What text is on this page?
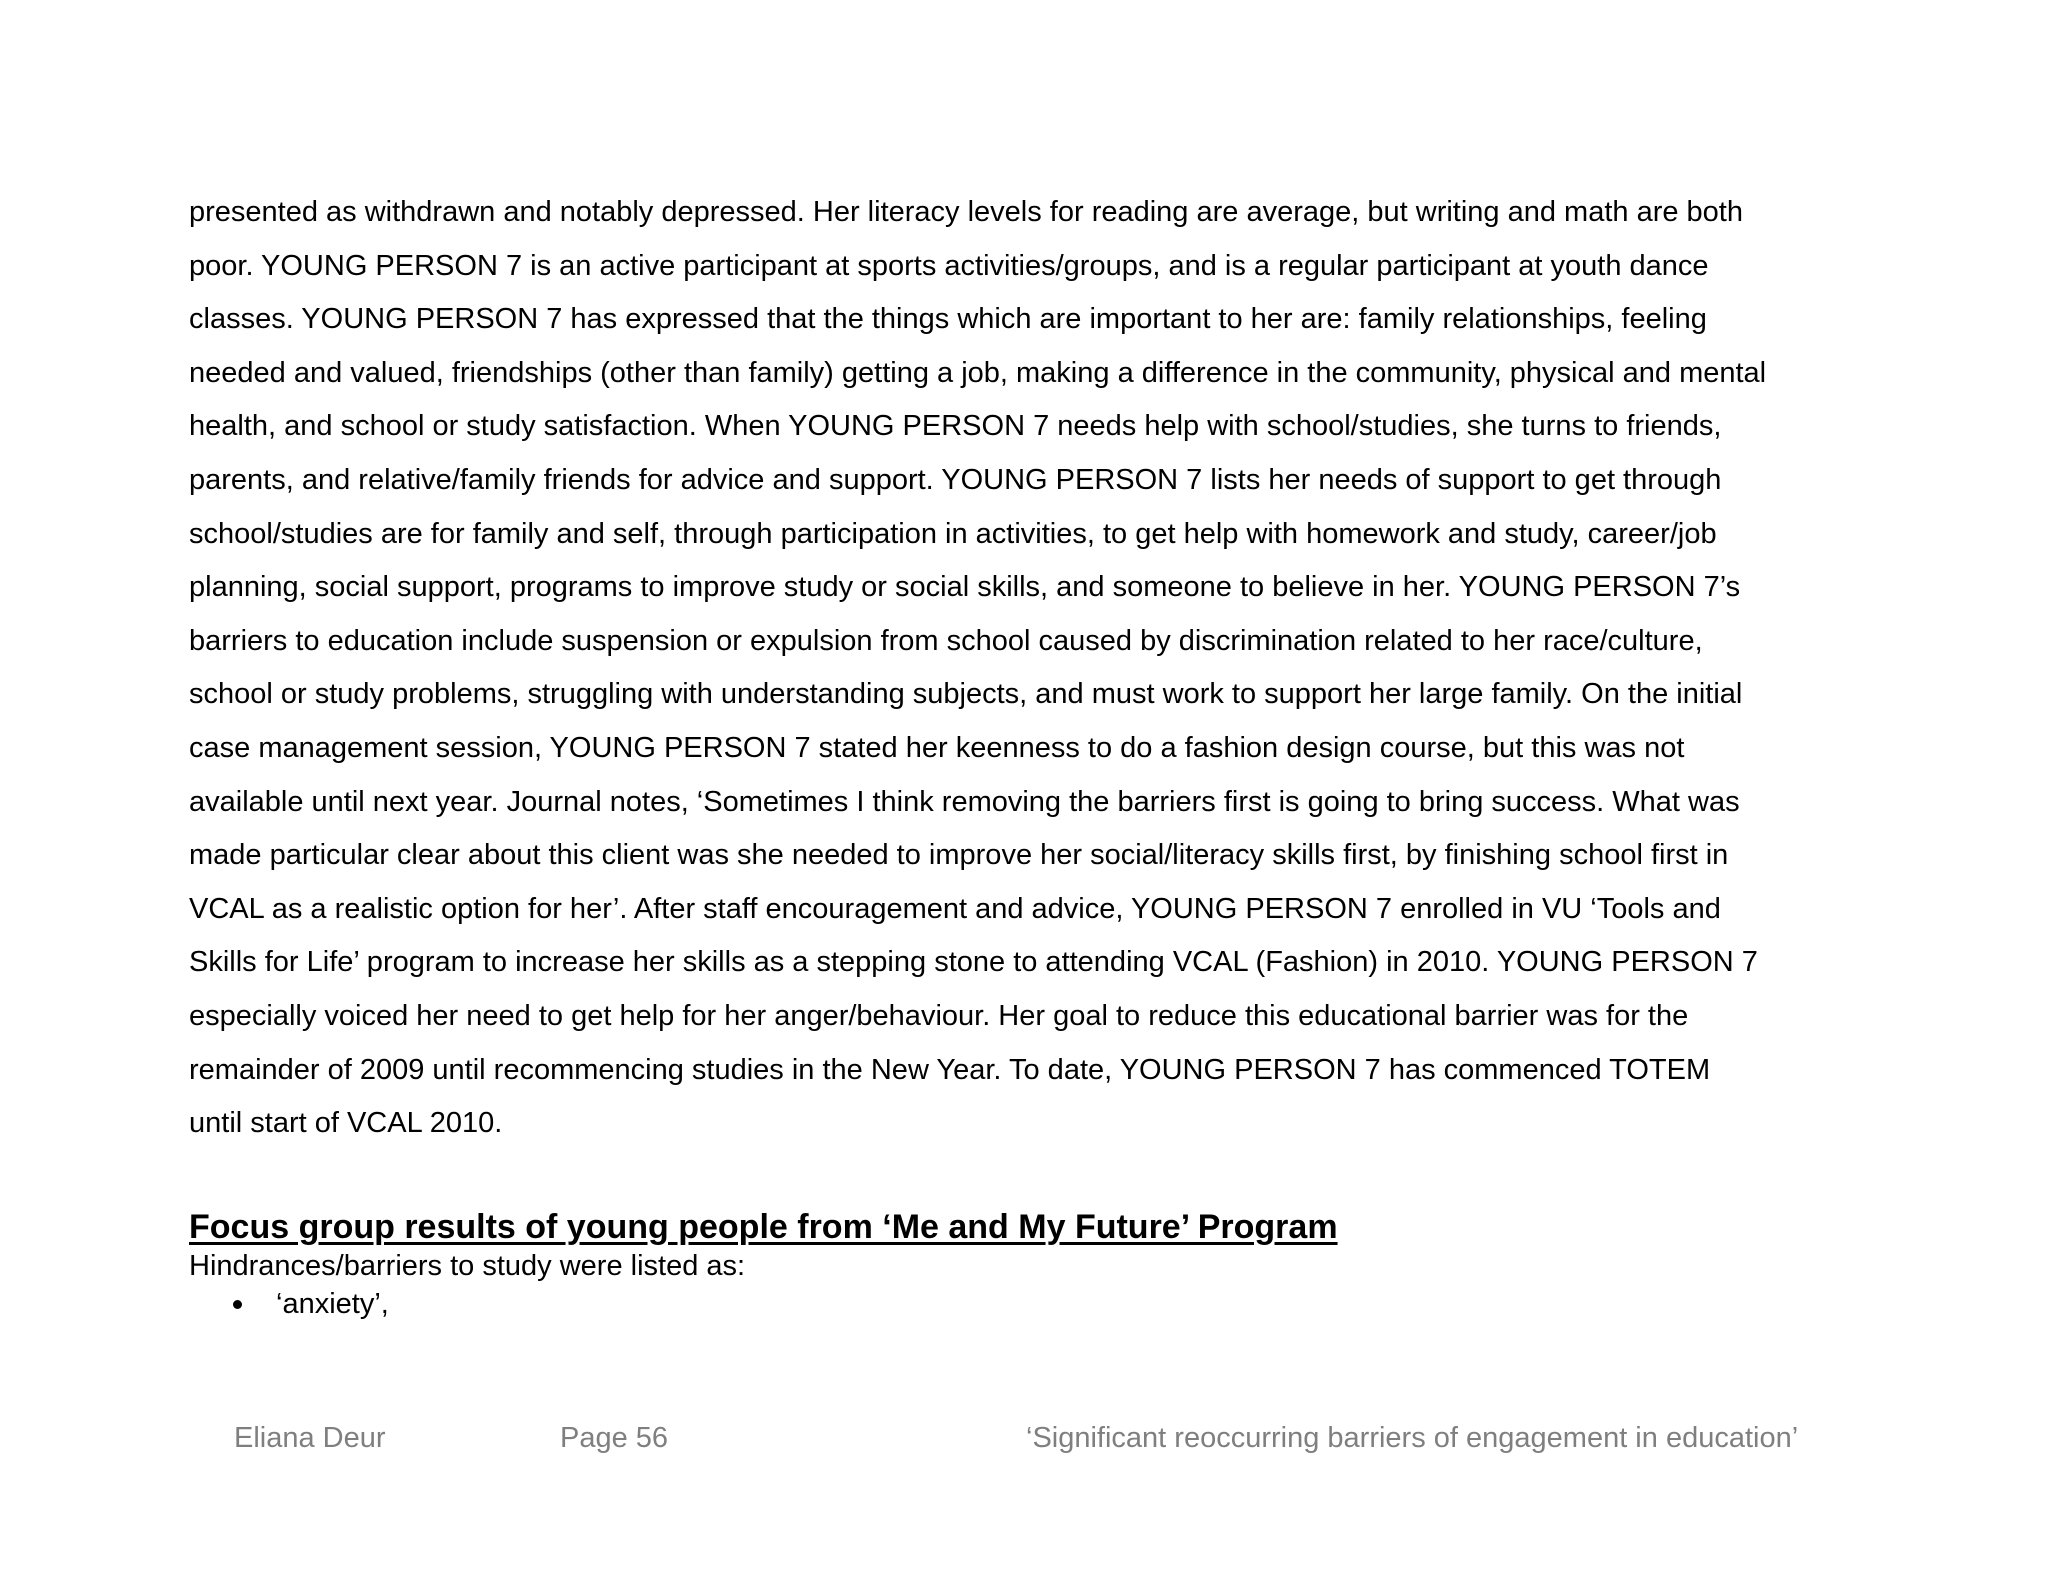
presented as withdrawn and notably depressed. Her literacy levels for reading are average, but writing and math are both
poor. YOUNG PERSON 7 is an active participant at sports activities/groups, and is a regular participant at youth dance
classes. YOUNG PERSON 7 has expressed that the things which are important to her are: family relationships, feeling
needed and valued, friendships (other than family) getting a job, making a difference in the community, physical and mental
health, and school or study satisfaction. When YOUNG PERSON 7 needs help with school/studies, she turns to friends,
parents, and relative/family friends for advice and support. YOUNG PERSON 7 lists her needs of support to get through
school/studies are for family and self, through participation in activities, to get help with homework and study, career/job
planning, social support, programs to improve study or social skills, and someone to believe in her. YOUNG PERSON 7’s
barriers to education include suspension or expulsion from school caused by discrimination related to her race/culture,
school or study problems, struggling with understanding subjects, and must work to support her large family. On the initial
case management session, YOUNG PERSON 7 stated her keenness to do a fashion design course, but this was not
available until next year. Journal notes, ‘Sometimes I think removing the barriers first is going to bring success. What was
made particular clear about this client was she needed to improve her social/literacy skills first, by finishing school first in
VCAL as a realistic option for her’. After staff encouragement and advice, YOUNG PERSON 7 enrolled in VU ‘Tools and
Skills for Life’ program to increase her skills as a stepping stone to attending VCAL (Fashion) in 2010. YOUNG PERSON 7
especially voiced her need to get help for her anger/behaviour. Her goal to reduce this educational barrier was for the
remainder of 2009 until recommencing studies in the New Year. To date, YOUNG PERSON 7 has commenced TOTEM
until start of VCAL 2010.

Focus group results of young people from ‘Me and My Future’ Program

Hindrances/barriers to study were listed as:

‘anxiety’,
Eliana Deur	Page 56	‘Significant reoccurring barriers of engagement in education’
